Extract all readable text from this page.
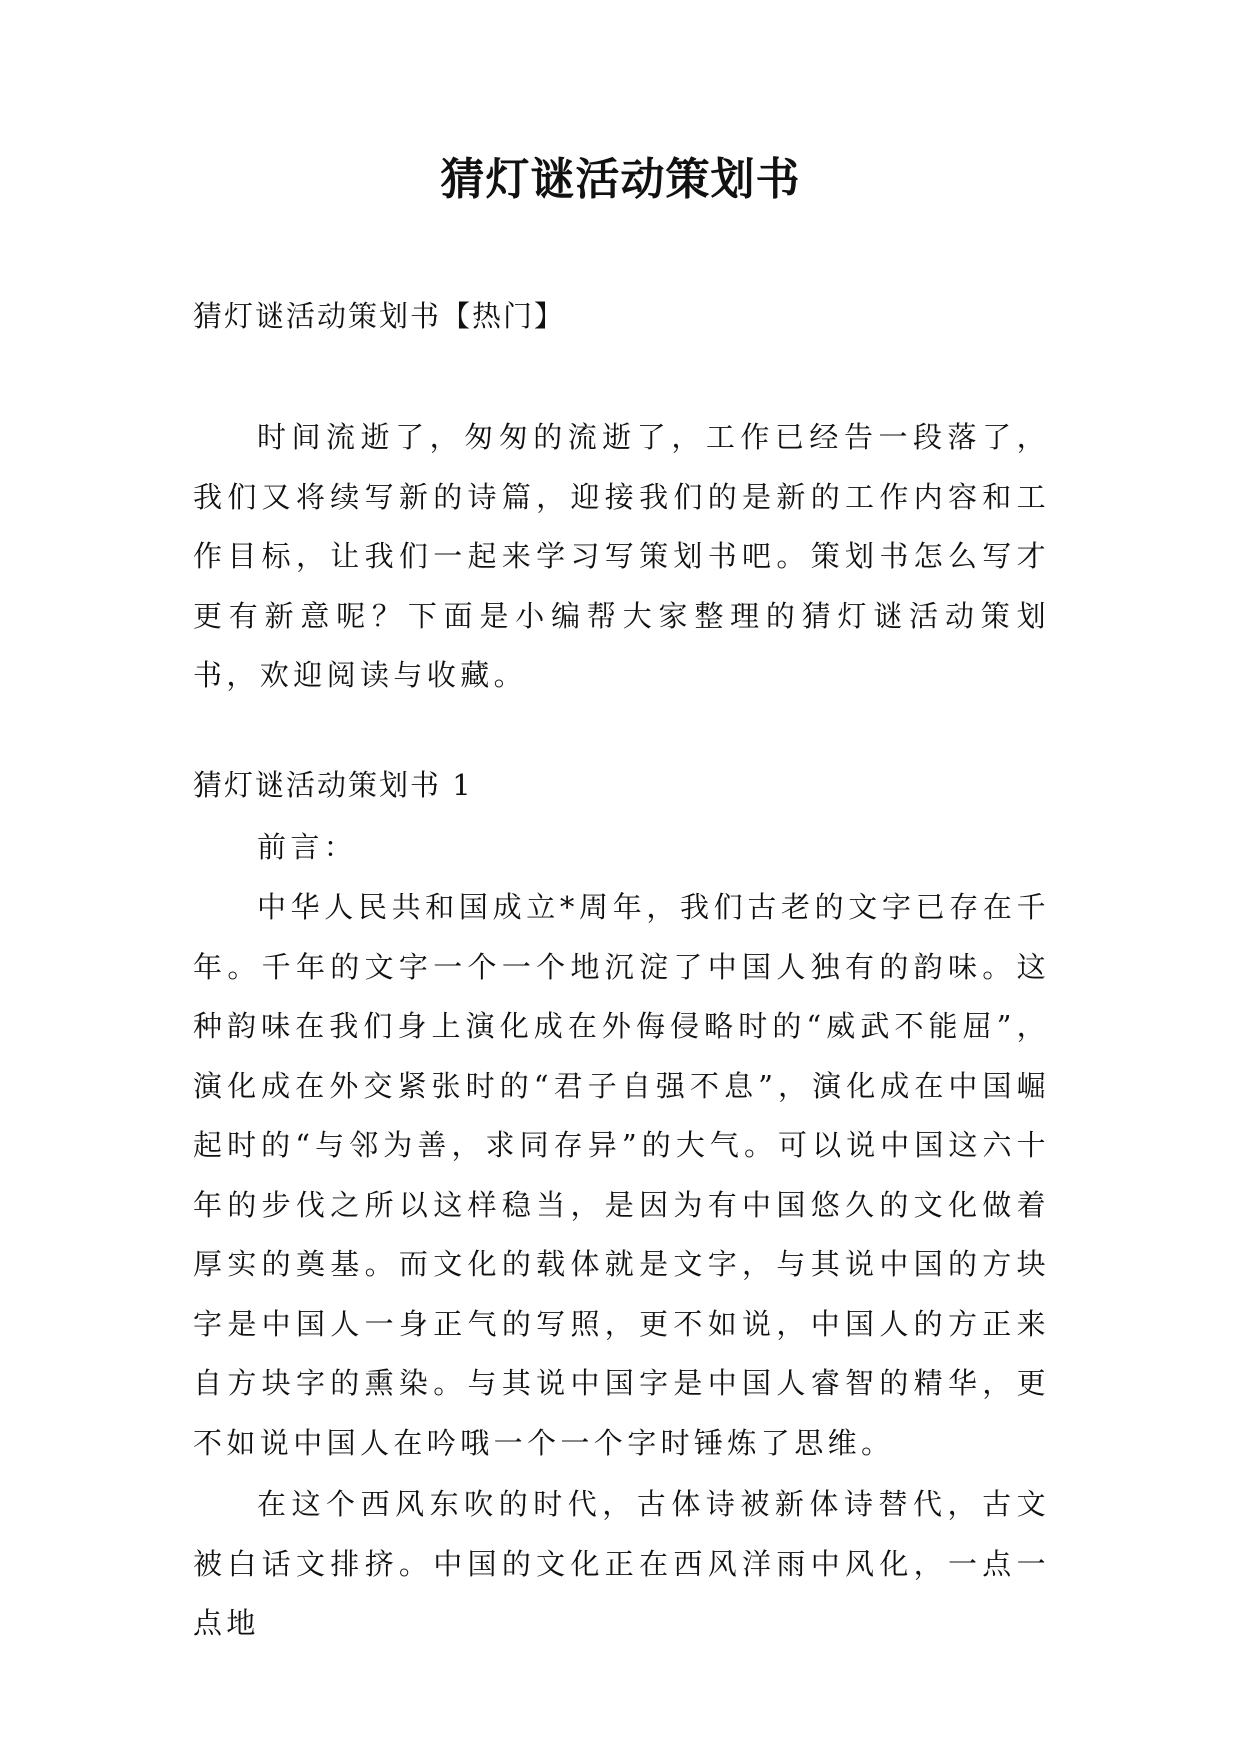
猜灯谜活动策划书
猜灯谜活动策划书【热门】

时间流逝了，匆匆的流逝了，工作已经告一段落了，我们又将续写新的诗篇，迎接我们的是新的工作内容和工作目标，让我们一起来学习写策划书吧。策划书怎么写才更有新意呢？下面是小编帮大家整理的猜灯谜活动策划书，欢迎阅读与收藏。

猜灯谜活动策划书 1

前言：

中华人民共和国成立*周年，我们古老的文字已存在千年。千年的文字一个一个地沉淀了中国人独有的韵味。这种韵味在我们身上演化成在外侮侵略时的“威武不能屈”，演化成在外交紧张时的“君子自强不息”，演化成在中国崛起时的“与邻为善，求同存异”的大气。可以说中国这六十年的步伐之所以这样稳当，是因为有中国悠久的文化做着厚实的奠基。而文化的载体就是文字，与其说中国的方块字是中国人一身正气的写照，更不如说，中国人的方正来自方块字的熏染。与其说中国字是中国人睿智的精华，更不如说中国人在吟哦一个一个字时锤炼了思维。

在这个西风东吹的时代，古体诗被新体诗替代，古文被白话文排挤。中国的文化正在西风洋雨中风化，一点一点地
